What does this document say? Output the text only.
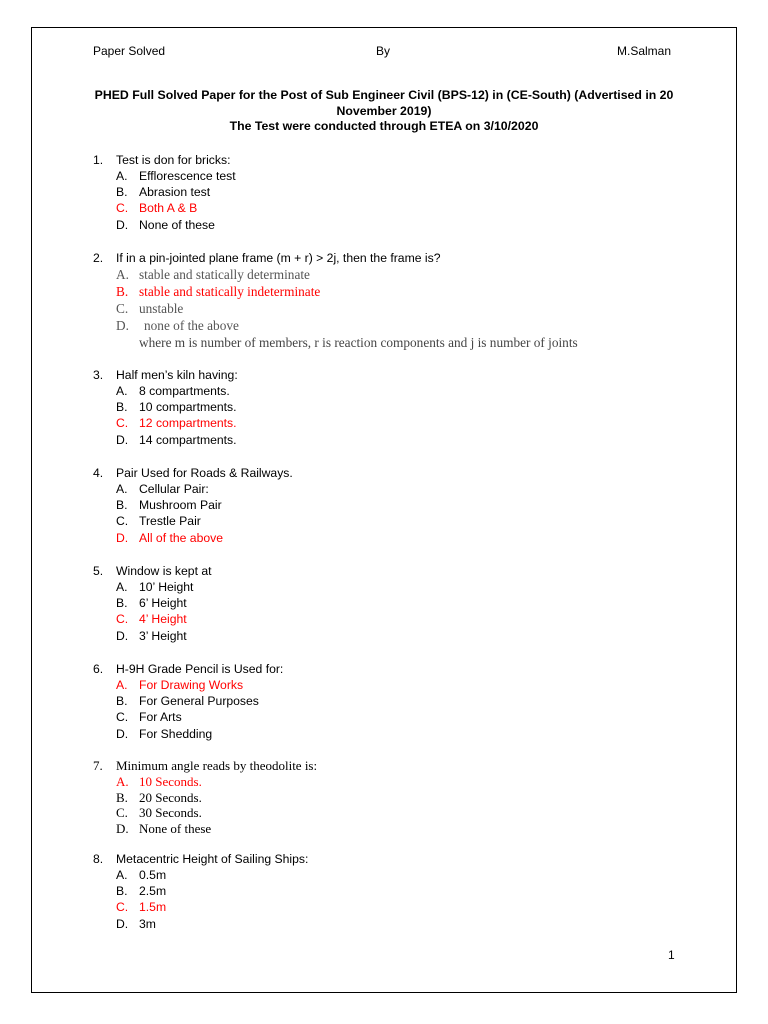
Paper Solved	By	M.Salman
PHED Full Solved Paper for the Post of Sub Engineer Civil (BPS-12) in (CE-South) (Advertised in 20
November 2019)
The Test were conducted through ETEA on 3/10/2020
1. Test is don for bricks:
A. Efflorescence test
B. Abrasion test
C. Both A & B
D. None of these
2. If in a pin-jointed plane frame (m + r) > 2j, then the frame is?
A. stable and statically determinate
B. stable and statically indeterminate
C. unstable
D. none of the above
where m is number of members, r is reaction components and j is number of joints
3. Half men’s kiln having:
A. 8 compartments.
B. 10 compartments.
C. 12 compartments.
D. 14 compartments.
4. Pair Used for Roads & Railways.
A. Cellular Pair:
B. Mushroom Pair
C. Trestle Pair
D. All of the above
5. Window is kept at
A. 10’ Height
B. 6’ Height
C. 4’ Height
D. 3’ Height
6. H-9H Grade Pencil is Used for:
A. For Drawing Works
B. For General Purposes
C. For Arts
D. For Shedding
7. Minimum angle reads by theodolite is:
A. 10 Seconds.
B. 20 Seconds.
C. 30 Seconds.
D. None of these
8. Metacentric Height of Sailing Ships:
A. 0.5m
B. 2.5m
C. 1.5m
D. 3m
1
